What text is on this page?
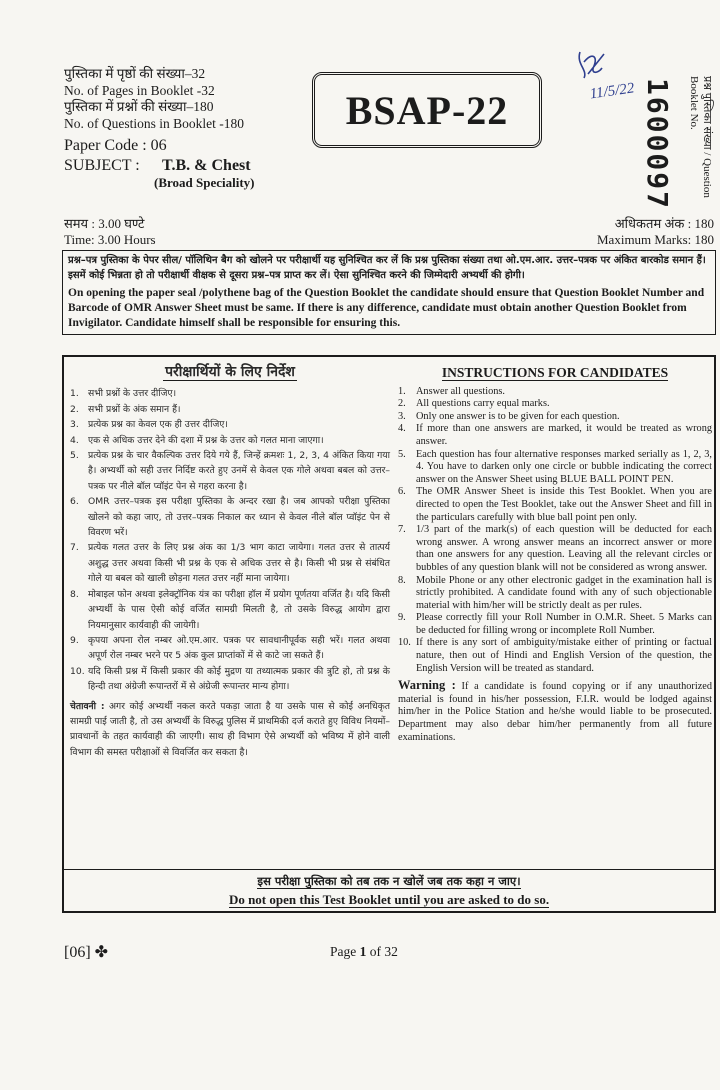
पुस्तिका में पृष्ठों की संख्या–32
No. of Pages in Booklet -32
पुस्तिका में प्रश्नों की संख्या–180
No. of Questions in Booklet -180
Paper Code : 06
SUBJECT : T.B. & Chest
(Broad Speciality)
BSAP-22	11/5/22 1600097	प्रश्न पुस्तिका संख्या / Question Booklet No.
समय : 3.00 घण्टे
Time: 3.00 Hours
अधिकतम अंक : 180
Maximum Marks: 180
प्रश्न–पत्र पुस्तिका के पेपर सील/ पॉलिथिन बैग को खोलने पर परीक्षार्थी यह सुनिश्चित कर लें कि प्रश्न पुस्तिका संख्या तथा ओ.एम.आर. उत्तर–पत्रक पर अंकित बारकोड समान हैं। इसमें कोई भिन्नता हो तो परीक्षार्थी वीक्षक से दूसरा प्रश्न–पत्र प्राप्त कर लें। ऐसा सुनिश्चित करने की जिम्मेदारी अभ्यर्थी की होगी।
On opening the paper seal /polythene bag of the Question Booklet the candidate should ensure that Question Booklet Number and Barcode of OMR Answer Sheet must be same. If there is any difference, candidate must obtain another Question Booklet from Invigilator. Candidate himself shall be responsible for ensuring this.
परीक्षार्थियों के लिए निर्देश
1.	सभी प्रश्नों के उत्तर दीजिए।
2.	सभी प्रश्नों के अंक समान हैं।
3.	प्रत्येक प्रश्न का केवल एक ही उत्तर दीजिए।
4.	एक से अधिक उत्तर देने की दशा में प्रश्न के उत्तर को गलत माना जाएगा।
5.	प्रत्येक प्रश्न के चार वैकल्पिक उत्तर दिये गये हैं, जिन्हें क्रमशः 1, 2, 3, 4 अंकित किया गया है। अभ्यर्थी को सही उत्तर निर्दिष्ट करते हुए उनमें से केवल एक गोले अथवा बबल को उत्तर–पत्रक पर नीले बॉल प्वॉइंट पेन से गहरा करना है।
6.	OMR उत्तर–पत्रक इस परीक्षा पुस्तिका के अन्दर रखा है। जब आपको परीक्षा पुस्तिका खोलने को कहा जाए, तो उत्तर–पत्रक निकाल कर ध्यान से केवल नीले बॉल प्वॉइंट पेन से विवरण भरें।
7.	प्रत्येक गलत उत्तर के लिए प्रश्न अंक का 1/3 भाग काटा जायेगा। गलत उत्तर से तात्पर्य अशुद्ध उत्तर अथवा किसी भी प्रश्न के एक से अधिक उत्तर से है। किसी भी प्रश्न से संबंधित गोले या बबल को खाली छोड़ना गलत उत्तर नहीं माना जायेगा।
8.	मोबाइल फोन अथवा इलेक्ट्रॉनिक यंत्र का परीक्षा हॉल में प्रयोग पूर्णतया वर्जित है। यदि किसी अभ्यर्थी के पास ऐसी कोई वर्जित सामग्री मिलती है, तो उसके विरुद्ध आयोग द्वारा नियमानुसार कार्यवाही की जायेगी।
9.	कृपया अपना रोल नम्बर ओ.एम.आर. पत्रक पर सावधानीपूर्वक सही भरें। गलत अथवा अपूर्ण रोल नम्बर भरने पर 5 अंक कुल प्राप्तांकों में से काटे जा सकते हैं।
10. यदि किसी प्रश्न में किसी प्रकार की कोई मुद्रण या तथ्यात्मक प्रकार की त्रुटि हो, तो प्रश्न के हिन्दी तथा अंग्रेजी रूपान्तरों में से अंग्रेजी रूपान्तर मान्य होगा।
चेतावनी : अगर कोई अभ्यर्थी नकल करते पकड़ा जाता है या उसके पास से कोई अनधिकृत सामग्री पाई जाती है, तो उस अभ्यर्थी के विरुद्ध पुलिस में प्राथमिकी दर्ज कराते हुए विविध नियमों–प्रावधानों के तहत कार्यवाही की जाएगी। साथ ही विभाग ऐसे अभ्यर्थी को भविष्य में होने वाली विभाग की समस्त परीक्षाओं से विवर्जित कर सकता है।
INSTRUCTIONS FOR CANDIDATES
1. Answer all questions.
2. All questions carry equal marks.
3. Only one answer is to be given for each question.
4. If more than one answers are marked, it would be treated as wrong answer.
5. Each question has four alternative responses marked serially as 1, 2, 3, 4. You have to darken only one circle or bubble indicating the correct answer on the Answer Sheet using BLUE BALL POINT PEN.
6. The OMR Answer Sheet is inside this Test Booklet. When you are directed to open the Test Booklet, take out the Answer Sheet and fill in the particulars carefully with blue ball point pen only.
7. 1/3 part of the mark(s) of each question will be deducted for each wrong answer. A wrong answer means an incorrect answer or more than one answers for any question. Leaving all the relevant circles or bubbles of any question blank will not be considered as wrong answer.
8. Mobile Phone or any other electronic gadget in the examination hall is strictly prohibited. A candidate found with any of such objectionable material with him/her will be strictly dealt as per rules.
9. Please correctly fill your Roll Number in O.M.R. Sheet. 5 Marks can be deducted for filling wrong or incomplete Roll Number.
10. If there is any sort of ambiguity/mistake either of printing or factual nature, then out of Hindi and English Version of the question, the English Version will be treated as standard.
Warning : If a candidate is found copying or if any unauthorized material is found in his/her possession, F.I.R. would be lodged against him/her in the Police Station and he/she would liable to be prosecuted. Department may also debar him/her permanently from all future examinations.
इस परीक्षा पुस्तिका को तब तक न खोलें जब तक कहा न जाए।
Do not open this Test Booklet until you are asked to do so.
[06] ✤	Page 1 of 32
